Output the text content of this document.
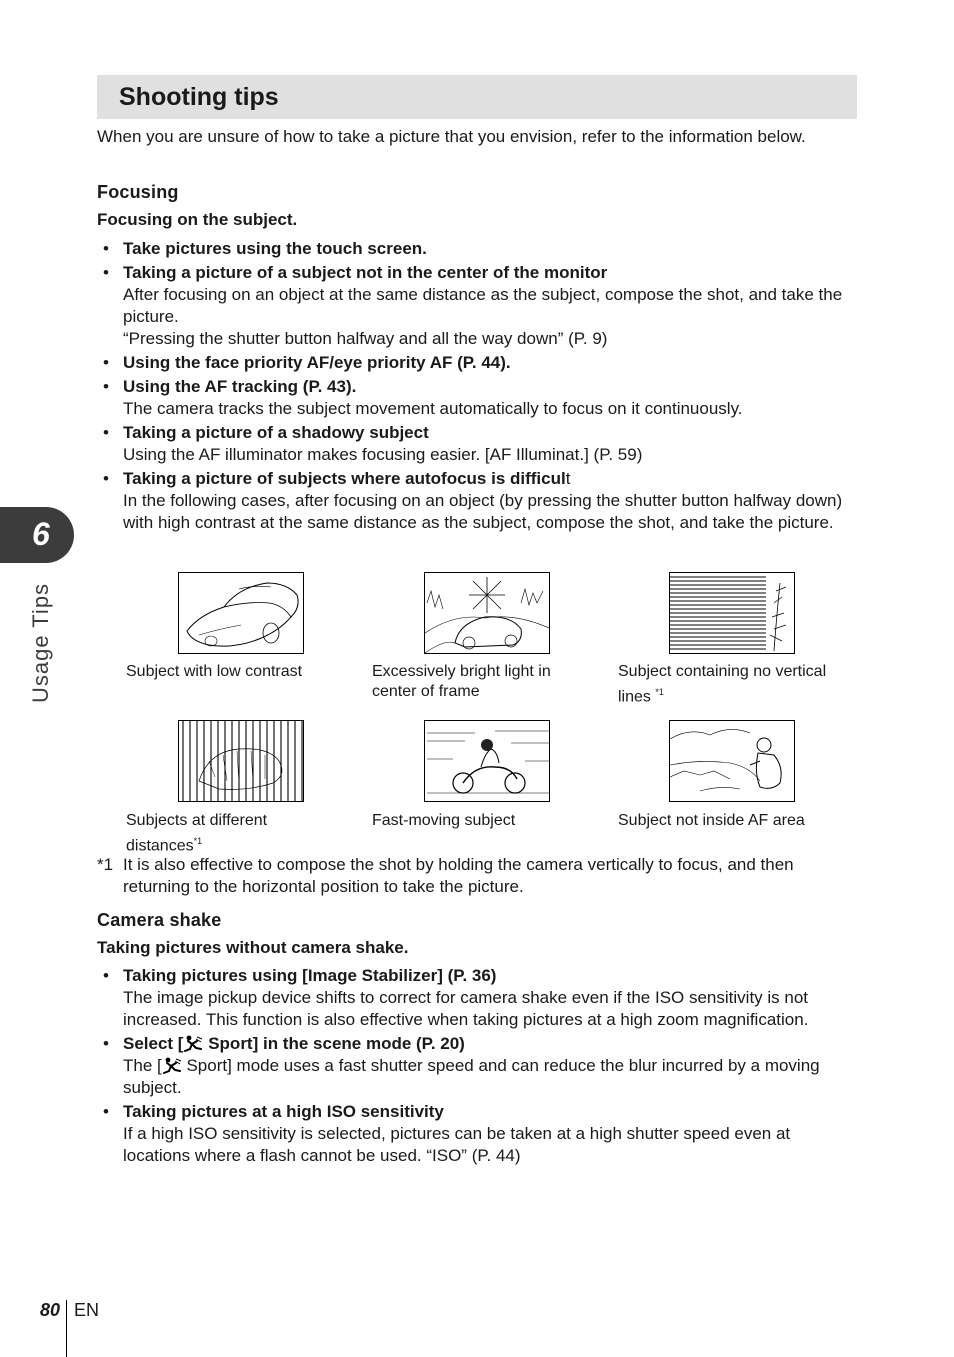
Shooting tips
When you are unsure of how to take a picture that you envision, refer to the information below.
Focusing
Focusing on the subject.
• Take pictures using the touch screen.
• Taking a picture of a subject not in the center of the monitor
After focusing on an object at the same distance as the subject, compose the shot, and take the picture.
“Pressing the shutter button halfway and all the way down” (P. 9)
• Using the face priority AF/eye priority AF (P. 44).
• Using the AF tracking (P. 43).
The camera tracks the subject movement automatically to focus on it continuously.
• Taking a picture of a shadowy subject
Using the AF illuminator makes focusing easier. [AF Illuminat.] (P. 59)
• Taking a picture of subjects where autofocus is difficult
In the following cases, after focusing on an object (by pressing the shutter button halfway down) with high contrast at the same distance as the subject, compose the shot, and take the picture.
Subject with low contrast	Excessively bright light in center of frame
Subject containing no vertical lines $^{*1}$
Subjects at different distances$^{*1}$
Fast-moving subject	Subject not inside AF area
*1 It is also effective to compose the shot by holding the camera vertically to focus, and then returning to the horizontal position to take the picture.
Camera shake
Taking pictures without camera shake.
• Taking pictures using [Image Stabilizer] (P. 36)
The image pickup device shifts to correct for camera shake even if the ISO sensitivity is not increased. This function is also effective when taking pictures at a high zoom magnification.
• Select [ Sport] in the scene mode (P. 20)
The [ Sport] mode uses a fast shutter speed and can reduce the blur incurred by a moving subject.
• Taking pictures at a high ISO sensitivity
If a high ISO sensitivity is selected, pictures can be taken at a high shutter speed even at locations where a flash cannot be used. “ISO” (P. 44)
6
Usage Tips
80 EN
